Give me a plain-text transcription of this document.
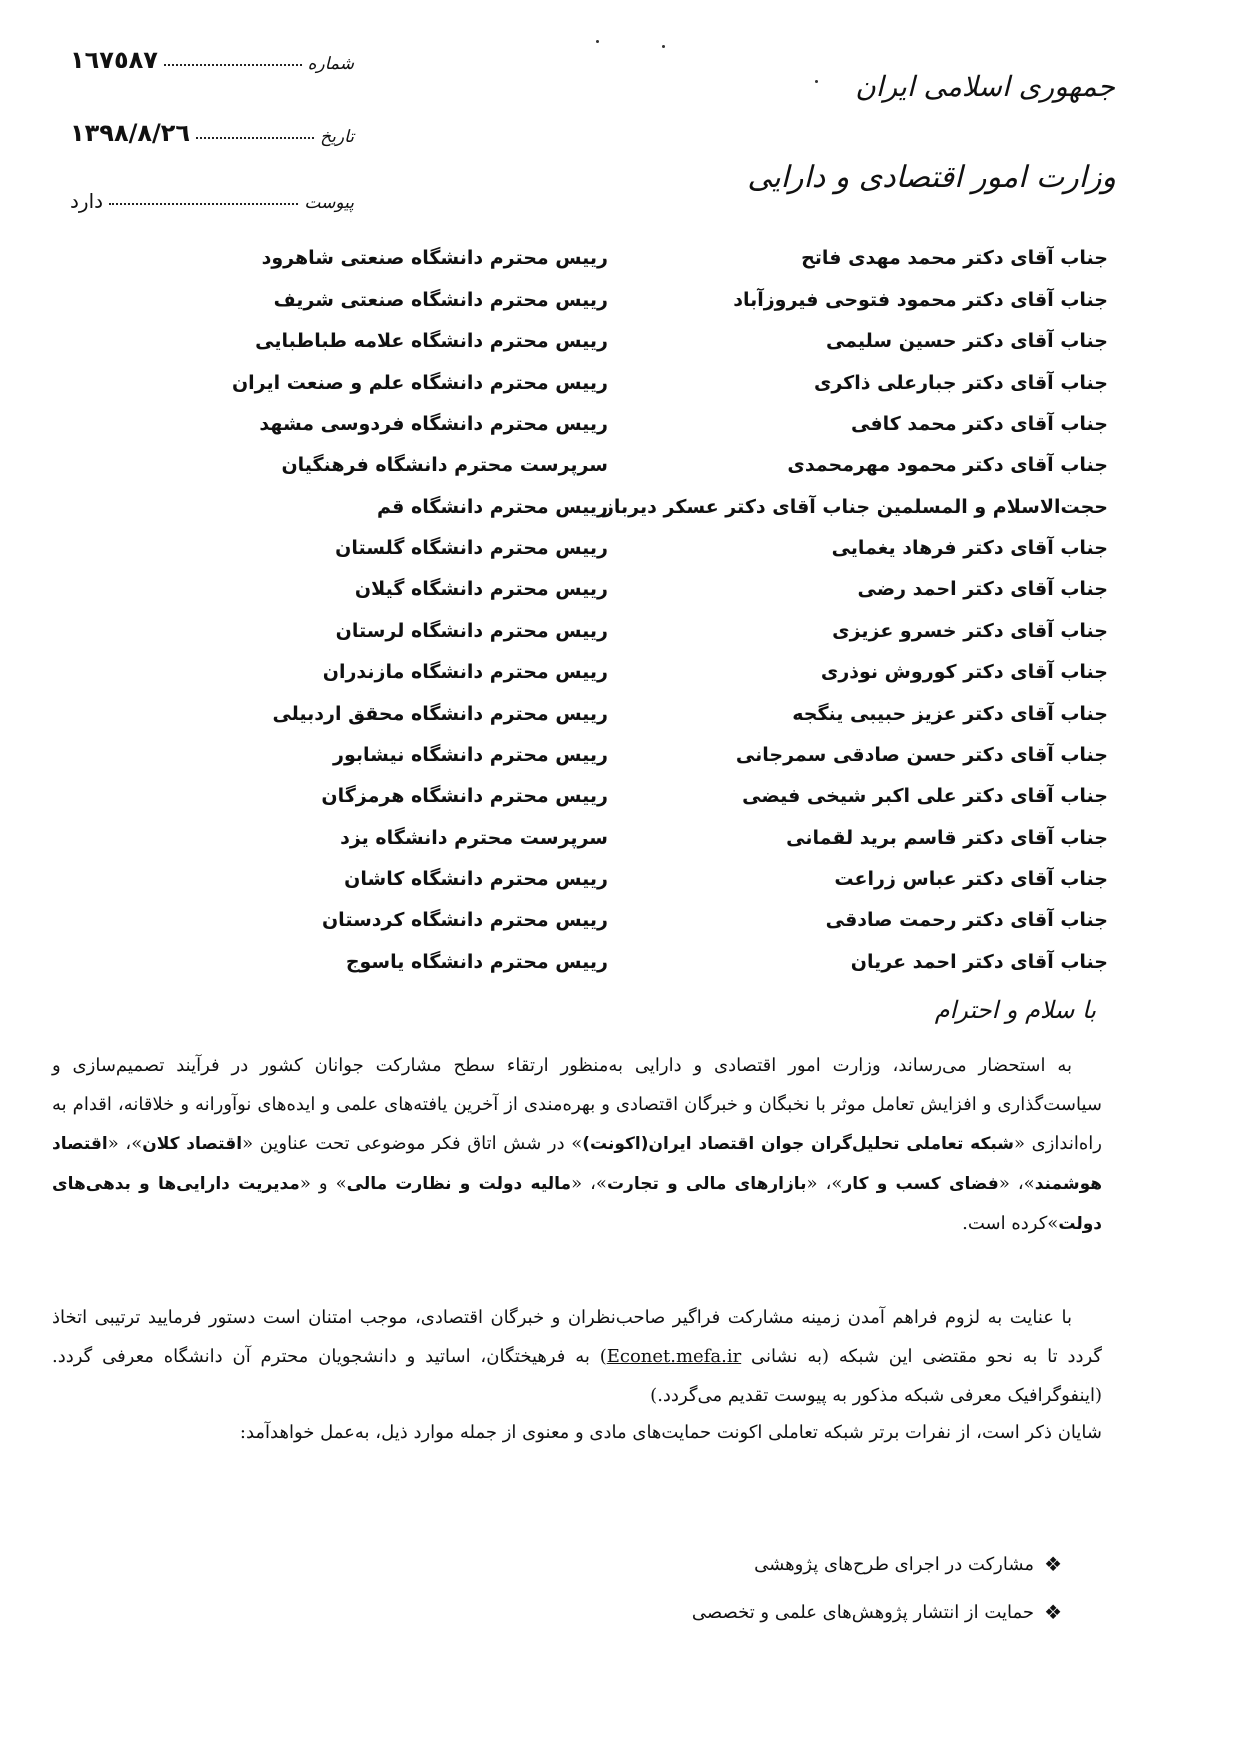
جمهوری اسلامی ایران
وزارت امور اقتصادی و دارایی
شماره
١٦٧٥٨٧
تاریخ
١٣٩٨/٨/٢٦
پیوست
دارد
جناب آقای دکتر محمد مهدی فاتح
رییس محترم دانشگاه صنعتی شاهرود
جناب آقای دکتر محمود فتوحی فیروزآباد
رییس محترم دانشگاه صنعتی شریف
جناب آقای دکتر حسین سلیمی
رییس محترم دانشگاه علامه طباطبایی
جناب آقای دکتر جبارعلی ذاکری
رییس محترم دانشگاه علم و صنعت ایران
جناب آقای دکتر محمد کافی
رییس محترم دانشگاه فردوسی مشهد
جناب آقای دکتر محمود مهرمحمدی
سرپرست محترم دانشگاه فرهنگیان
حجت‌الاسلام و المسلمین جناب آقای دکتر عسکر دیرباز
رییس محترم دانشگاه قم
جناب آقای دکتر فرهاد یغمایی
رییس محترم دانشگاه گلستان
جناب آقای دکتر احمد رضی
رییس محترم دانشگاه گیلان
جناب آقای دکتر خسرو عزیزی
رییس محترم دانشگاه لرستان
جناب آقای دکتر کوروش نوذری
رییس محترم دانشگاه مازندران
جناب آقای دکتر عزیز حبیبی ینگجه
رییس محترم دانشگاه محقق اردبیلی
جناب آقای دکتر حسن صادقی سمرجانی
رییس محترم دانشگاه نیشابور
جناب آقای دکتر علی اکبر شیخی فیضی
رییس محترم دانشگاه هرمزگان
جناب آقای دکتر قاسم برید لقمانی
سرپرست محترم دانشگاه یزد
جناب آقای دکتر عباس زراعت
رییس محترم دانشگاه کاشان
جناب آقای دکتر رحمت صادقی
رییس محترم دانشگاه کردستان
جناب آقای دکتر احمد عریان
رییس محترم دانشگاه یاسوج
با سلام و احترام
به استحضار می‌رساند، وزارت امور اقتصادی و دارایی به‌منظور ارتقاء سطح مشارکت جوانان کشور در فرآیند تصمیم‌سازی و سیاست‌گذاری و افزایش تعامل موثر با نخبگان و خبرگان اقتصادی و بهره‌مندی از آخرین یافته‌های علمی و ایده‌های نوآورانه و خلاقانه، اقدام به راه‌اندازی «شبکه تعاملی تحلیل‌گران جوان اقتصاد ایران(اکونت)» در شش اتاق فکر موضوعی تحت عناوین «اقتصاد کلان»، «اقتصاد هوشمند»، «فضای کسب و کار»، «بازارهای مالی و تجارت»، «مالیه دولت و نظارت مالی» و «مدیریت دارایی‌ها و بدهی‌های دولت»کرده است.
با عنایت به لزوم فراهم آمدن زمینه مشارکت فراگیر صاحب‌نظران و خبرگان اقتصادی، موجب امتنان است دستور فرمایید ترتیبی اتخاذ گردد تا به نحو مقتضی این شبکه (به نشانی Econet.mefa.ir) به فرهیختگان، اساتید و دانشجویان محترم آن دانشگاه معرفی گردد. (اینفوگرافیک معرفی شبکه مذکور به پیوست تقدیم می‌گردد.)
شایان ذکر است، از نفرات برتر شبکه تعاملی اکونت حمایت‌های مادی و معنوی از جمله موارد ذیل، به‌عمل خواهد‌آمد:
❖
مشارکت در اجرای طرح‌های پژوهشی
❖
حمایت از انتشار پژوهش‌های علمی و تخصصی
